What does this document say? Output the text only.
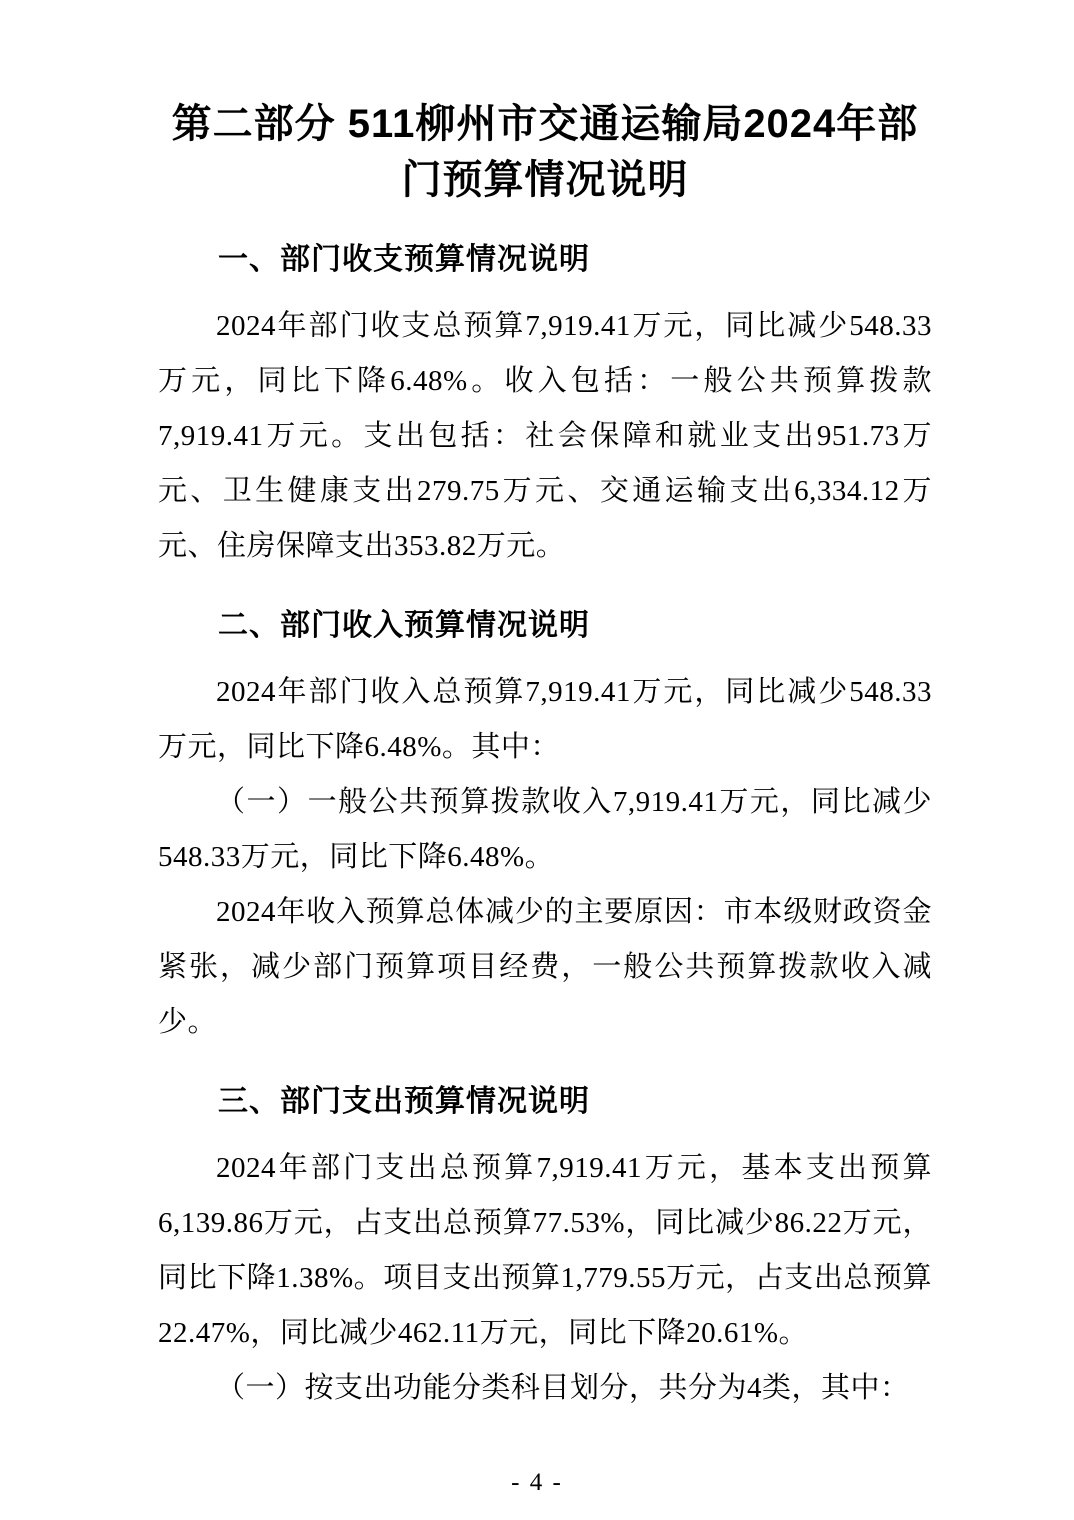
第二部分 511柳州市交通运输局2024年部门预算情况说明
一、部门收支预算情况说明

2024年部门收支总预算7,919.41万元，同比减少548.33万元，同比下降6.48%。收入包括：一般公共预算拨款7,919.41万元。支出包括：社会保障和就业支出951.73万元、卫生健康支出279.75万元、交通运输支出6,334.12万元、住房保障支出353.82万元。

二、部门收入预算情况说明

2024年部门收入总预算7,919.41万元，同比减少548.33万元，同比下降6.48%。其中：

（一）一般公共预算拨款收入7,919.41万元，同比减少548.33万元，同比下降6.48%。

2024年收入预算总体减少的主要原因：市本级财政资金紧张，减少部门预算项目经费，一般公共预算拨款收入减少。

三、部门支出预算情况说明

2024年部门支出总预算7,919.41万元，基本支出预算6,139.86万元，占支出总预算77.53%，同比减少86.22万元，同比下降1.38%。项目支出预算1,779.55万元，占支出总预算22.47%，同比减少462.11万元，同比下降20.61%。

（一）按支出功能分类科目划分，共分为4类，其中：

- 4 -
